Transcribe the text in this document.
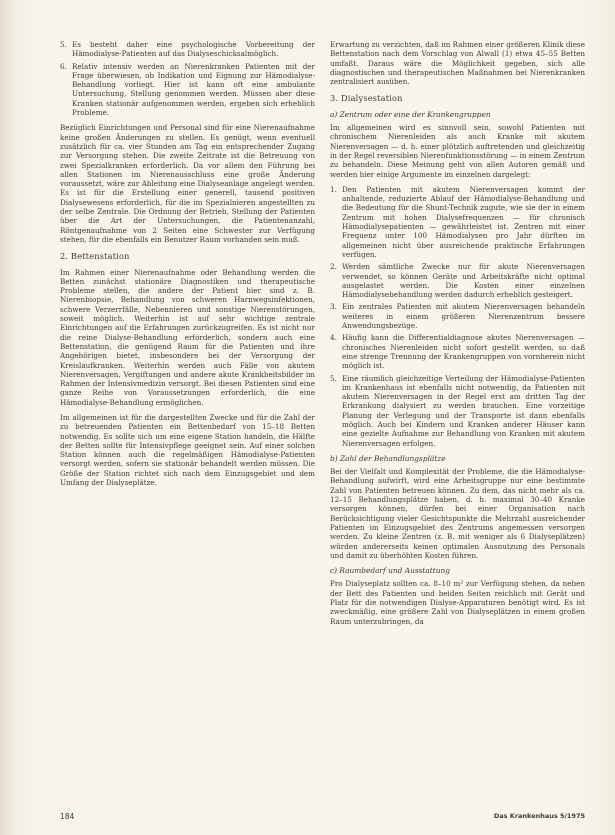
5. Es besteht daher eine psychologische Vorbereitung der Hämodialyse-Patienten auf das Dialyseschicksalmöglich.
6. Relativ intensiv werden an Nierenkranken Patienten mit der Frage überwiesen, ob Indikation und Eignung zur Hämodialyse-Behandlung vorliegt. Hier ist kann oft eine ambulante Untersuchung, Stellung genommen werden. Müssen aber diese Kranken stationär aufgenommen werden, ergeben sich erheblich Probleme.

Bezüglich Einrichtungen und Personal sind für eine Nierenaufnahme keine großen Änderungen zu stellen. Es genügt, wenn eventuell zusätzlich für ca. vier Stunden am Tag ein entsprechender Zugang zur Versorgung stehen. Die zweite Zeitrate ist die Betreuung von zwei Spezialkranken erforderlich. Da vor allem den Führung bei allen Stationen im Nierenausschluss eine große Änderung voraussetzt, wäre zur Ableitung eine Dialyseanlage angelegt werden. Es ist für die Erstellung einer generell, tausend positiven Dialysewesens erforderlich, für die im Spezialnieren angestellten zu der selbe Zentrale. Die Ordnung der Betrieb, Stellung der Patienten über die Art der Untersuchungen, die Patientenanzahl, Röntgenaufnahme von 2 Seiten eine Schwester zur Verfügung stehen, für die ebenfalls ein Benutzer Raum vorhanden sein muß.

2. Bettenstation

Im Rahmen einer Nierenaufnahme oder Behandlung werden die Betten zunächst stationäre Diagnostiken und therapeutische Probleme stellen, die andere der Patient hier sind z. B. Nierenbiopsie, Behandlung von schweren Harnwegsinfektionen, schwere Verzerrfälle, Nebennieren und sonstige Nierenstörungen, soweit möglich. Weiterhin ist auf sehr wichtige zentrale Einrichtungen auf die Erfahrungen zurückzugreifen. Es ist nicht nur die reine Dialyse-Behandlung erforderlich, sondern auch eine Bettenstation, die genügend Raum für die Patienten und ihre Angehörigen bietet, insbesondere bei der Versorgung der Kreislaufkranken. Weiterhin werden auch Fälle von akutem Nierenversagen, Vergiftungen und andere akute Krankheitsbilder im Rahmen der Intensivmedizin versorgt. Bei diesen Patienten sind eine ganze Reihe von Voraussetzungen erforderlich, die eine Hämodialyse-Behandlung ermöglichen.

Im allgemeinen ist für die dargestellten Zwecke und für die Zahl der zu betreuenden Patienten ein Bettenbedarf von 15–18 Betten notwendig. Es sollte sich um eine eigene Station handeln, die Hälfte der Betten sollte für Intensivpflege geeignet sein. Auf einer solchen Station können auch die regelmäßigen Hämodialyse-Patienten versorgt werden, sofern sie stationär behandelt werden müssen. Die Größe der Station richtet sich nach dem Einzugsgebiet und dem Umfang der Dialyseplätze.

Erwartung zu verzichten, daß im Rahmen einer größeren Klinik diese Bettenstation nach dem Vorschlag von Alwall (1) etwa 45–55 Betten umfaßt. Daraus wäre die Möglichkeit gegeben, sich alle diagnostischen und therapeutischen Maßnahmen bei Nierenkranken zentralisiert ausüben.

3. Dialysestation
a) Zentrum oder eine der Krankengruppen

Im allgemeinen wird es sinnvoll sein, sowohl Patienten mit chronischem Nierenleiden als auch Kranke mit akutem Nierenversagen — d. h. einer plötzlich auftretenden und gleichzeitig in der Regel reversiblen Nierenfunktionsstörung — in einem Zentrum zu behandeln. Diese Meinung geht von allen Autoren gemäß und werden hier einige Argumente im einzelnen dargelegt:

1. Den Patienten mit akutem Nierenversagen kommt der anhaltende, reduzierte Ablauf der Hämodialyse-Behandlung und die Bedeutung für die Shunt-Technik zugute, wie sie der in einem Zentrum mit hohen Dialysefrequenzen — für chronisch Hämodialysepatienten — gewährleistet ist. Zentren mit einer Frequenz unter 100 Hämodialysen pro Jahr dürften im allgemeinen nicht über ausreichende praktische Erfahrungen verfügen.
2. Werden sämtliche Zwecke nur für akute Nierenversagen verwendet, so können Geräte und Arbeitskräfte nicht optimal ausgelastet werden. Die Kosten einer einzelnen Hämodialysebehandlung werden dadurch erheblich gesteigert.
3. Ein zentrales Patienten mit akutem Nierenversagen behandeln weiteres in einem größeren Nierenzentrum bessere Anwendungsbezüge.
4. Häufig kann die Differentialdiagnose akutes Nierenversagen — chronisches Nierenleiden nicht sofort gestellt werden, so daß eine strenge Trennung der Krankengruppen von vornherein nicht möglich ist.
5. Eine räumlich gleichzeitige Verteilung der Hämodialyse-Patienten im Krankenhaus ist ebenfalls nicht notwendig, da Patienten mit akutem Nierenversagen in der Regel erst am dritten Tag der Erkrankung dialysiert zu werden brauchen. Eine vorzeitige Planung der Verlegung und der Transporte ist dann ebenfalls möglich. Auch bei Kindern und Kranken anderer Häuser kann eine gezielte Aufnahme zur Behandlung von Kranken mit akutem Nierenversagen erfolgen.
b) Zahl der Behandlungsplätze

Bei der Vielfalt und Komplexität der Probleme, die die Hämodialyse-Behandlung aufwirft, wird eine Arbeitsgruppe nur eine bestimmte Zahl von Patienten betreuen können. Zu dem, das nicht mehr als ca. 12–15 Behandlungsplätze haben, d. h. maximal 30–40 Kranke versorgen können, dürfen bei einer Organisation nach Berücksichtigung vieler Gesichtspunkte die Mehrzahl ausreichender Patienten im Einzugsgebiet des Zentrums angemessen versorgen werden. Zu kleine Zentren (z. B. mit weniger als 6 Dialyseplätzen) würden andererseits keinen optimalen Ausnutzung des Personals und damit zu überhöhten Kosten führen.

c) Raumbedarf und Ausstattung

Pro Dialyseplatz sollten ca. 8–10 m² zur Verfügung stehen, da neben der Bett des Patienten und beiden Seiten reichlich mit Gerät und Platz für die notwendigen Dialyse-Apparaturen benötigt wird. Es ist zweckmäßig, eine größere Zahl von Dialyseplätzen in einem großen Raum unterzubringen, da

184	Das Krankenhaus 5/1975
